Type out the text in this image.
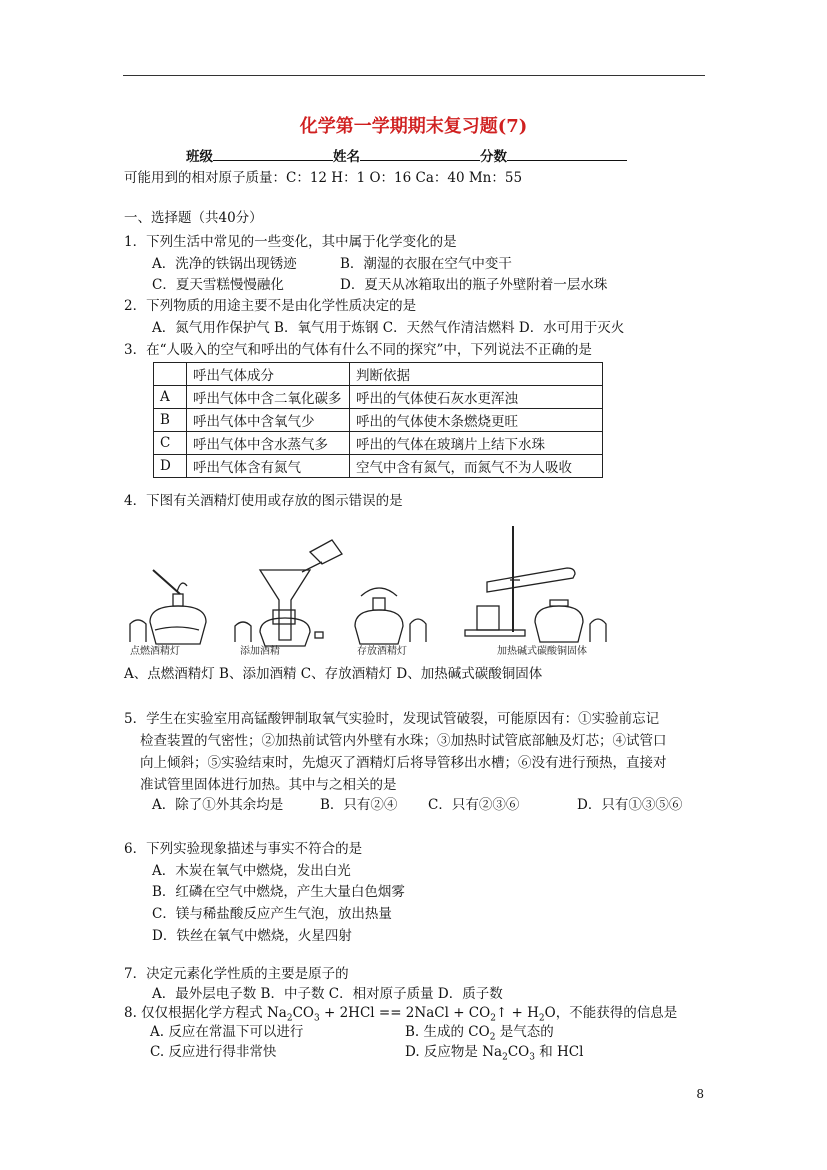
化学第一学期期末复习题(7)
班级	姓名	分数
可能用到的相对原子质量：C：12 H：1 O：16 Ca：40 Mn：55
一、选择题（共40分）
1．下列生活中常见的一些变化，其中属于化学变化的是
A．洗净的铁锅出现锈迹	B．潮湿的衣服在空气中变干
C．夏天雪糕慢慢融化	D．夏天从冰箱取出的瓶子外壁附着一层水珠
2．下列物质的用途主要不是由化学性质决定的是
A．氮气用作保护气 B．氧气用于炼钢 C．天然气作清洁燃料 D．水可用于灭火
3．在“人吸入的空气和呼出的气体有什么不同的探究”中，下列说法不正确的是
	呼出气体成分	判断依据
A	呼出气体中含二氧化碳多	呼出的气体使石灰水更浑浊
B	呼出气体中含氧气少	呼出的气体使木条燃烧更旺
C	呼出气体中含水蒸气多	呼出的气体在玻璃片上结下水珠
D	呼出气体含有氮气	空气中含有氮气，而氮气不为人吸收
4．下图有关酒精灯使用或存放的图示错误的是
点燃酒精灯	添加酒精	存放酒精灯	加热碱式碳酸铜固体
A、点燃酒精灯 B、添加酒精 C、存放酒精灯 D、加热碱式碳酸铜固体
5．学生在实验室用高锰酸钾制取氧气实验时，发现试管破裂，可能原因有：①实验前忘记
检查装置的气密性；②加热前试管内外壁有水珠；③加热时试管底部触及灯芯；④试管口
向上倾斜；⑤实验结束时，先熄灭了酒精灯后将导管移出水槽；⑥没有进行预热，直接对
准试管里固体进行加热。其中与之相关的是
A．除了①外其余均是	B．只有②④ C．只有②③⑥	D．只有①③⑤⑥
6．下列实验现象描述与事实不符合的是
A．木炭在氧气中燃烧，发出白光
B．红磷在空气中燃烧，产生大量白色烟雾
C．镁与稀盐酸反应产生气泡，放出热量
D．铁丝在氧气中燃烧，火星四射
7．决定元素化学性质的主要是原子的
A．最外层电子数 B．中子数 C．相对原子质量 D．质子数
8. 仅仅根据化学方程式 $Na_2CO_3 + 2HCl$ == 2NaCl + $CO_2↑ + H_2O$，不能获得的信息是
A. 反应在常温下可以进行	B. 生成的 $CO_2$ 是气态的
C. 反应进行得非常快	D. 反应物是 $Na_2CO_3$ 和 HCl
8
